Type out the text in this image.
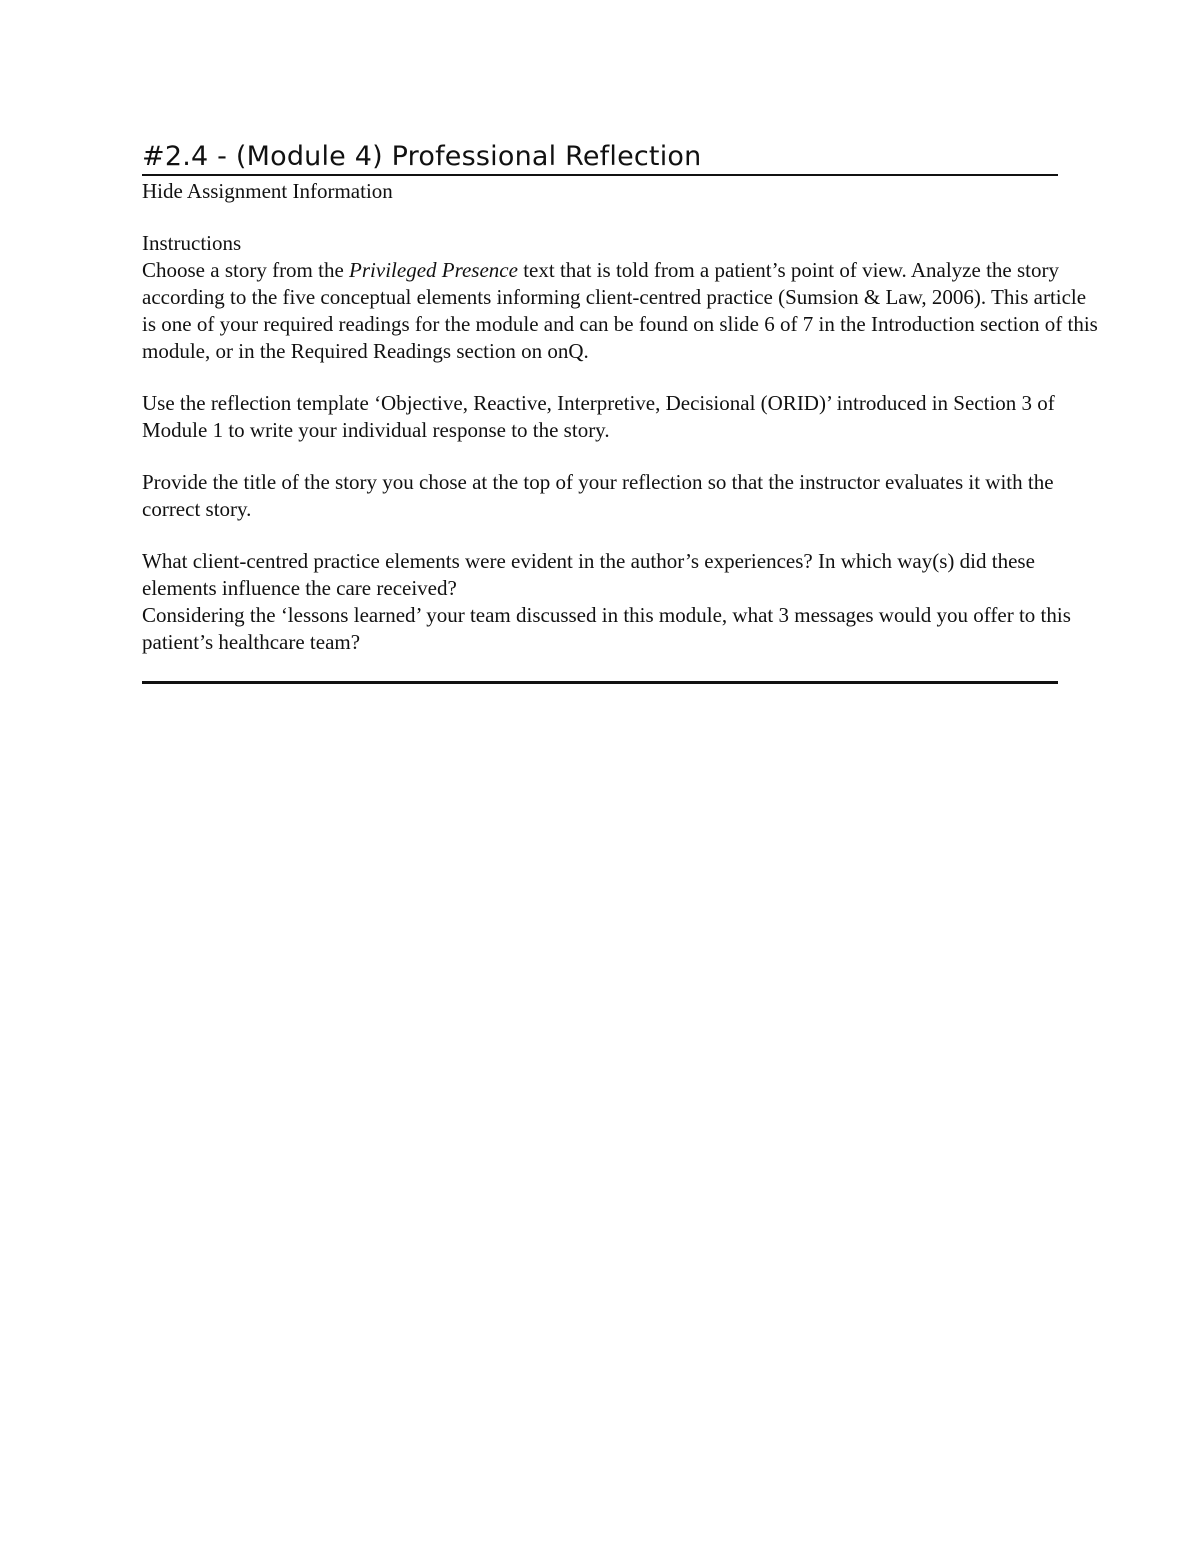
#2.4 - (Module 4) Professional Reflection
Hide Assignment Information
Instructions

Choose a story from the Privileged Presence text that is told from a patient’s point of view. Analyze the story
according to the five conceptual elements informing client-centred practice (Sumsion & Law, 2006). This article
is one of your required readings for the module and can be found on slide 6 of 7 in the Introduction section of this
module, or in the Required Readings section on onQ.

Use the reflection template ‘Objective, Reactive, Interpretive, Decisional (ORID)’ introduced in Section 3 of
Module 1 to write your individual response to the story.

Provide the title of the story you chose at the top of your reflection so that the instructor evaluates it with the
correct story.

What client-centred practice elements were evident in the author’s experiences? In which way(s) did these
elements influence the care received?
Considering the ‘lessons learned’ your team discussed in this module, what 3 messages would you offer to this
patient’s healthcare team?
